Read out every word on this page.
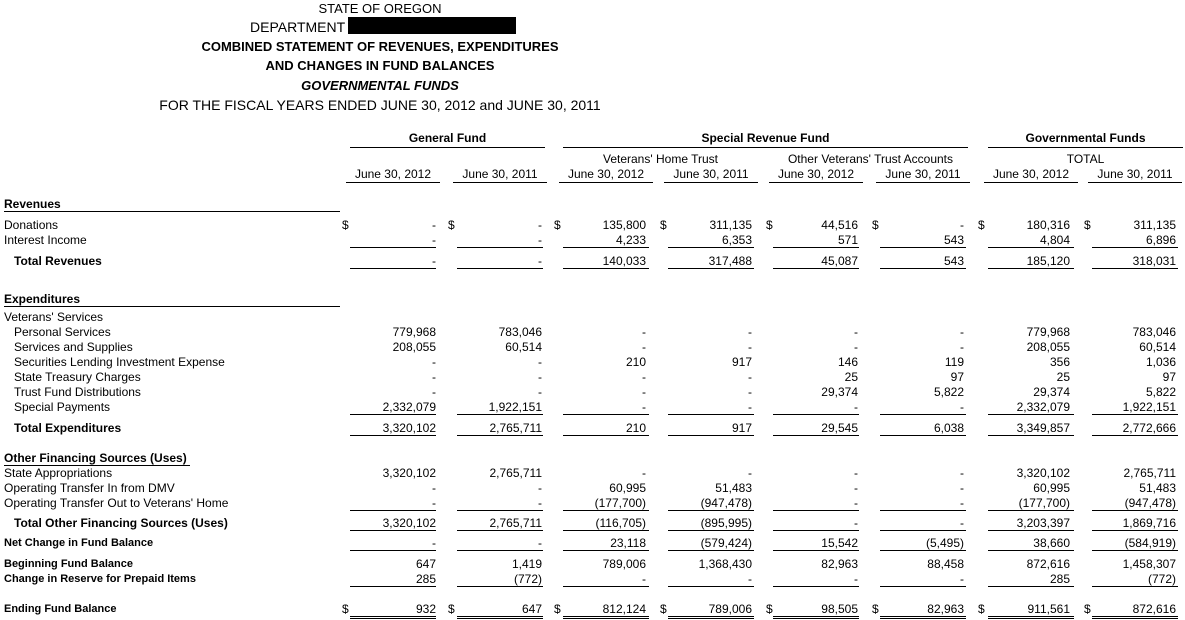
STATE OF OREGON
DEPARTMENT
COMBINED STATEMENT OF REVENUES, EXPENDITURES
AND CHANGES IN FUND BALANCES
GOVERNMENTAL FUNDS
FOR THE FISCAL YEARS ENDED JUNE 30, 2012 and JUNE 30, 2011
General Fund	Special Revenue Fund	Governmental Funds
Veterans' Home Trust	Other Veterans' Trust Accounts	TOTAL
June 30, 2012	June 30, 2011	June 30, 2012	June 30, 2011	June 30, 2012	June 30, 2011	June 30, 2012	June 30, 2011
Revenues
Expenditures
Veterans' Services
Other Financing Sources (Uses)
Donations	-	-	135,800	311,135	44,516	-	180,316	311,135
$	$	$	$	$	$	$	$
Interest Income	-	-	4,233	6,353	571	543	4,804	6,896
Total Revenues	-	-	140,033	317,488	45,087	543	185,120	318,031
Personal Services	779,968	783,046	-	-	-	-	779,968	783,046
Services and Supplies	208,055	60,514	-	-	-	-	208,055	60,514
Securities Lending Investment Expense	-	-	210	917	146	119	356	1,036
State Treasury Charges	-	-	-	-	25	97	25	97
Trust Fund Distributions	-	-	-	-	29,374	5,822	29,374	5,822
Special Payments	2,332,079	1,922,151	-	-	-	-	2,332,079	1,922,151
Total Expenditures	3,320,102	2,765,711	210	917	29,545	6,038	3,349,857	2,772,666
State Appropriations	3,320,102	2,765,711	-	-	-	-	3,320,102	2,765,711
Operating Transfer In from DMV	-	-	60,995	51,483	-	-	60,995	51,483
Operating Transfer Out to Veterans' Home	-	-	(177,700)	(947,478)	-	-	(177,700)	(947,478)
Total Other Financing Sources (Uses)	3,320,102	2,765,711	(116,705)	(895,995)	-	-	3,203,397	1,869,716
Net Change in Fund Balance	-	-	23,118	(579,424)	15,542	(5,495)	38,660	(584,919)
Beginning Fund Balance	647	1,419	789,006	1,368,430	82,963	88,458	872,616	1,458,307
Change in Reserve for Prepaid Items	285	(772)	-	-	-	-	285	(772)
Ending Fund Balance	932	647	812,124	789,006	98,505	82,963	911,561	872,616
$	$	$	$	$	$	$	$
